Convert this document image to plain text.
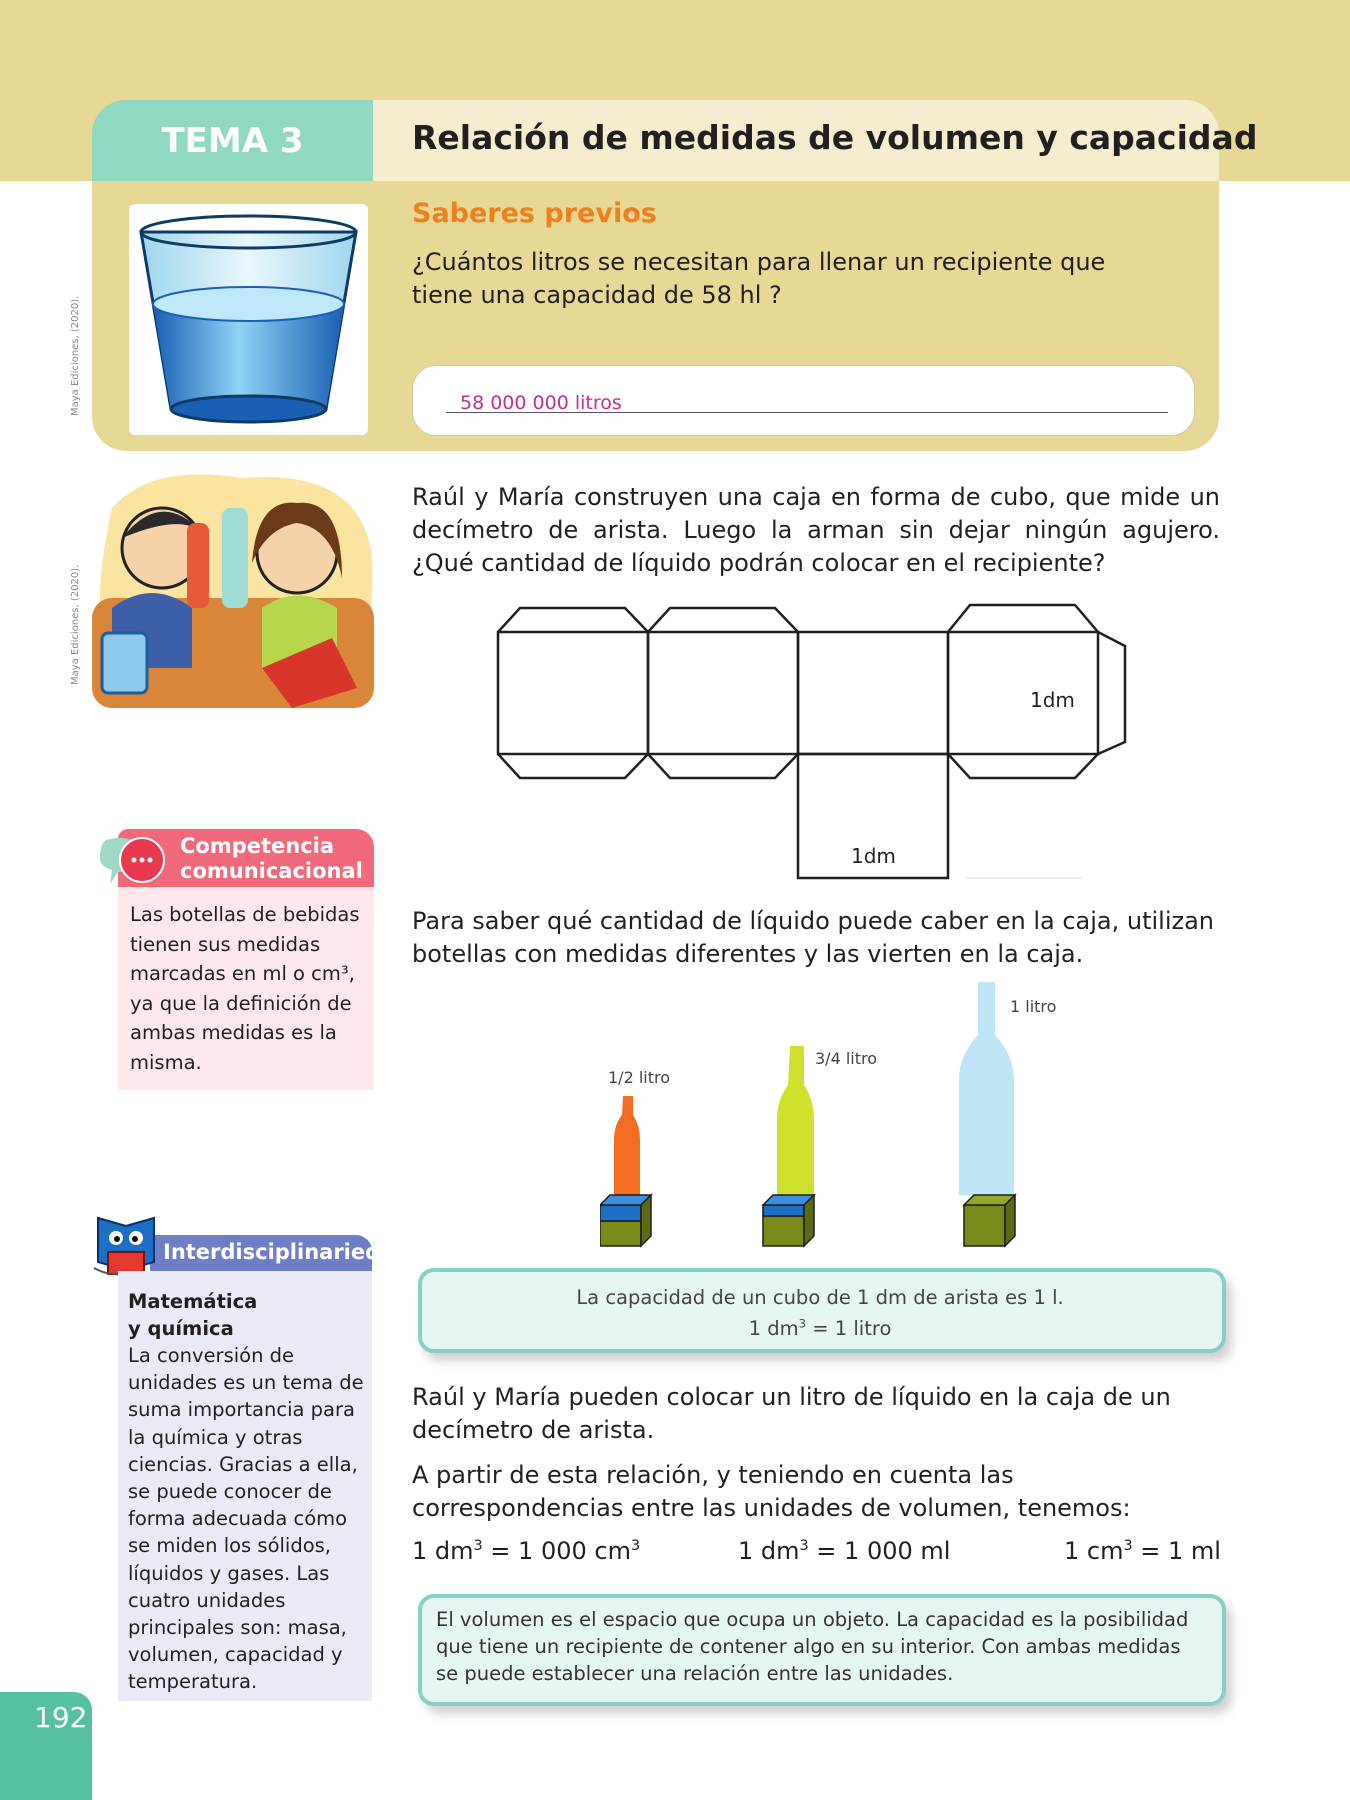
TEMA 3	Relación de medidas de volumen y capacidad
Maya Ediciones, (2020).
Saberes previos
¿Cuántos litros se necesitan para llenar un recipiente que tiene una capacidad de 58 hl ?
58 000 000 litros
Maya Ediciones, (2020).
Raúl y María construyen una caja en forma de cubo, que mide un decímetro de arista. Luego la arman sin dejar ningún agujero. ¿Qué cantidad de líquido podrán colocar en el recipiente?
1dm
1dm
Competencia
comunicacional
Las botellas de bebidas tienen sus medidas marcadas en ml o cm³, ya que la definición de ambas medidas es la misma.
Para saber qué cantidad de líquido puede caber en la caja, utilizan botellas con medidas diferentes y las vierten en la caja.
1/2 litro
3/4 litro
1 litro
La capacidad de un cubo de 1 dm de arista es 1 l.
1 $dm^3 = 1$ litro
Raúl y María pueden colocar un litro de líquido en la caja de un decímetro de arista.
A partir de esta relación, y teniendo en cuenta las correspondencias entre las unidades de volumen, tenemos:
1 $dm^3 = 1$ 000 $cm^3$	1 $dm^3 = 1$ 000 ml	1 $cm^3 = 1$ ml
El volumen es el espacio que ocupa un objeto. La capacidad es la posibilidad que tiene un recipiente de contener algo en su interior. Con ambas medidas se puede establecer una relación entre las unidades.
Interdisciplinariedad
Matemática
y química
La conversión de unidades es un tema de suma importancia para la química y otras ciencias. Gracias a ella, se puede conocer de forma adecuada cómo se miden los sólidos, líquidos y gases. Las cuatro unidades principales son: masa, volumen, capacidad y temperatura.
192
